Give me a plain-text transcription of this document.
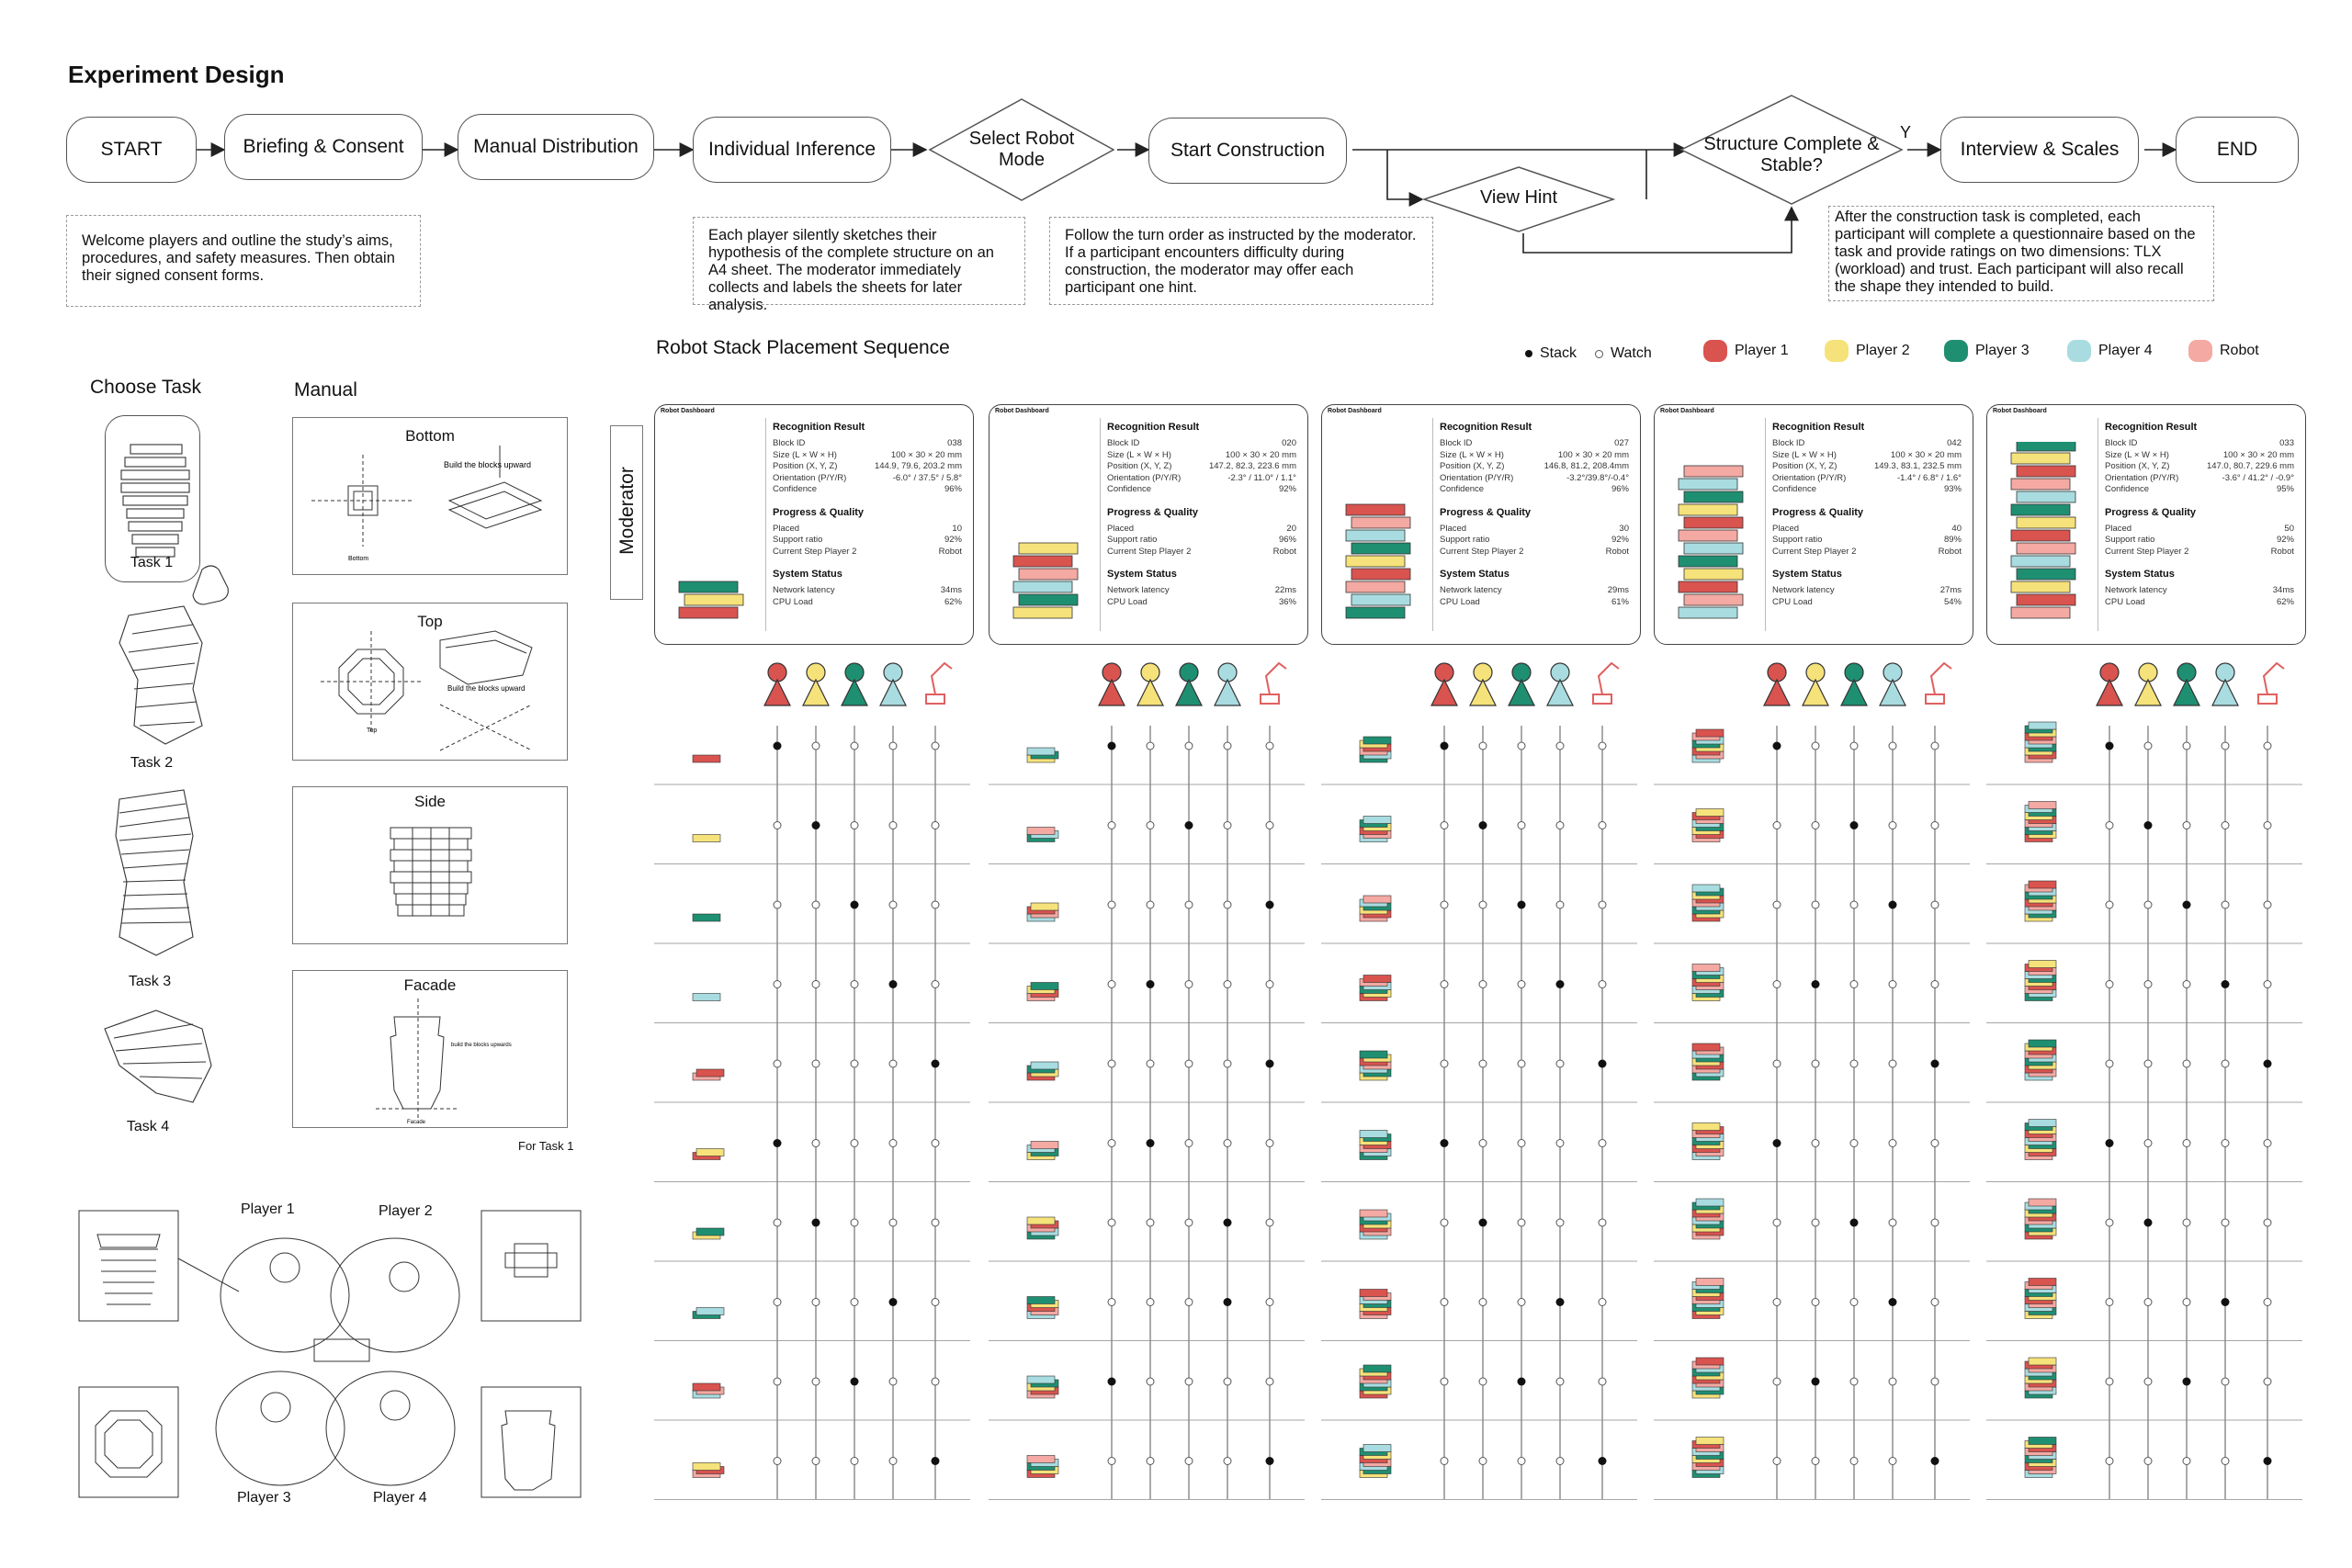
Experiment Design
START	Briefing & Consent	Manual Distribution	Individual Inference	Select Robot Mode	Start Construction
View Hint
Structure Complete & Stable?
Y
Interview & Scales	END
Welcome players and outline the study’s aims, procedures, and safety measures. Then obtain their signed consent forms.
Each player silently sketches their hypothesis of the complete structure on an A4 sheet. The moderator immediately collects and labels the sheets for later analysis.
Follow the turn order as instructed by the moderator. If a participant encounters difficulty during construction, the moderator may offer each participant one hint.
After the construction task is completed, each participant will complete a questionnaire based on the task and provide ratings on two dimensions: TLX (workload) and trust. Each participant will also recall the shape they intended to build.
Choose Task	Manual
Task 1
Task 2
Task 3
Task 4
Bottom
Build the blocks upward
Bottom
Top
Build the blocks upward
Top
Side
Facade
build the blocks upwards
Facade
For Task 1
Player 1	Player 2
Player 3	Player 4
Robot Stack Placement Sequence	Stack Watch	Player 1	Player 2	Player 3	Player 4	Robot
Moderator
Robot Dashboard
Recognition Result
Block ID	038
Size (L × W × H)	100 × 30 × 20 mm
Position (X, Y, Z)	144.9, 79.6, 203.2 mm
Orientation (P/Y/R)	-6.0° / 37.5° / 5.8°
Confidence	96%
Progress & Quality
Placed	10
Support ratio	92%
Current Step Player 2	Robot
System Status
Network latency	34ms
CPU Load	62%
Robot Dashboard
Recognition Result
Block ID	020
Size (L × W × H)	100 × 30 × 20 mm
Position (X, Y, Z)	147.2, 82.3, 223.6 mm
Orientation (P/Y/R)	-2.3° / 11.0° / 1.1°
Confidence	92%
Progress & Quality
Placed	20
Support ratio	96%
Current Step Player 2	Robot
System Status
Network latency	22ms
CPU Load	36%
Robot Dashboard
Recognition Result
Block ID	027
Size (L × W × H)	100 × 30 × 20 mm
Position (X, Y, Z)	146.8, 81.2, 208.4mm
Orientation (P/Y/R)	-3.2°/39.8°/-0.4°
Confidence	96%
Progress & Quality
Placed	30
Support ratio	92%
Current Step Player 2	Robot
System Status
Network latency	29ms
CPU Load	61%
Robot Dashboard
Recognition Result
Block ID	042
Size (L × W × H)	100 × 30 × 20 mm
Position (X, Y, Z)	149.3, 83.1, 232.5 mm
Orientation (P/Y/R)	-1.4° / 6.8° / 1.6°
Confidence	93%
Progress & Quality
Placed	40
Support ratio	89%
Current Step Player 2	Robot
System Status
Network latency	27ms
CPU Load	54%
Robot Dashboard
Recognition Result
Block ID	033
Size (L × W × H)	100 × 30 × 20 mm
Position (X, Y, Z)	147.0, 80.7, 229.6 mm
Orientation (P/Y/R)	-3.6° / 41.2° / -0.9°
Confidence	95%
Progress & Quality
Placed	50
Support ratio	92%
Current Step Player 2	Robot
System Status
Network latency	34ms
CPU Load	62%
